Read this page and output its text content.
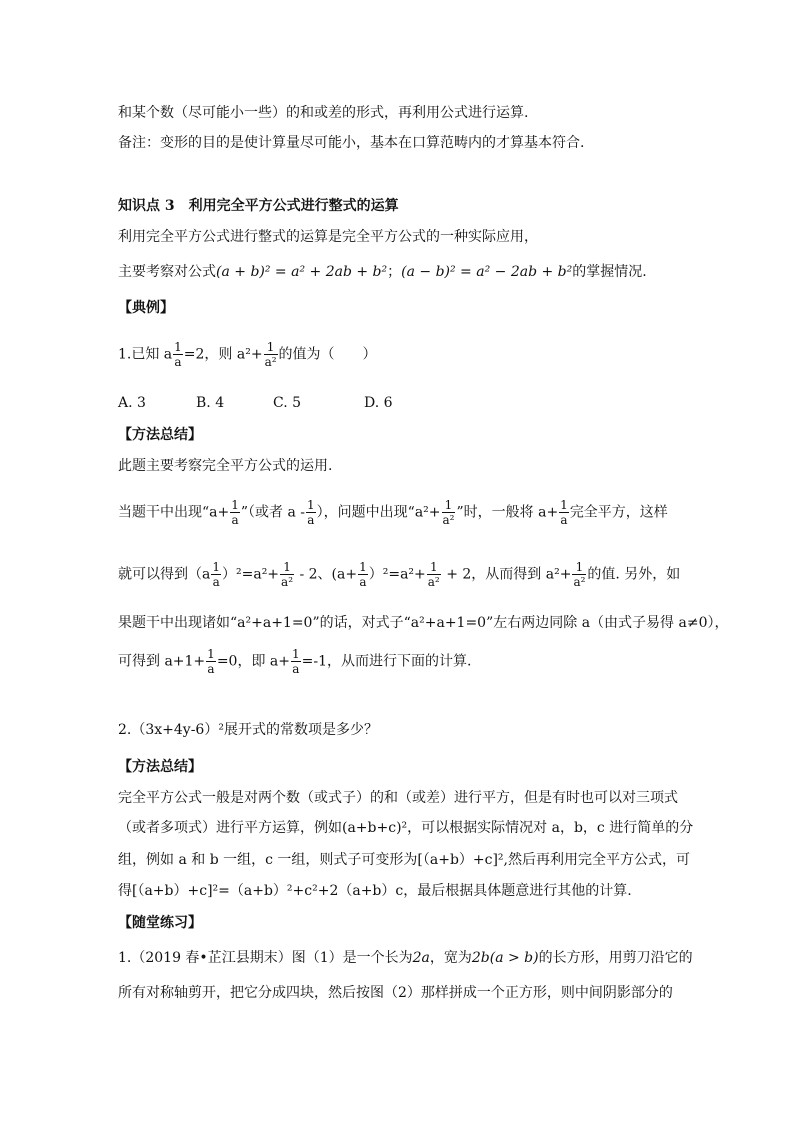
和某个数（尽可能小一些）的和或差的形式，再利用公式进行运算.
备注：变形的目的是使计算量尽可能小，基本在口算范畴内的才算基本符合.
知识点 3　利用完全平方公式进行整式的运算
利用完全平方公式进行整式的运算是完全平方公式的一种实际应用，
主要考察对公式(a + b)² = a² + 2ab + b²；(a − b)² = a² − 2ab + b²的掌握情况.
【典例】
1.已知 a $\frac{1}{a} =2$，则 $a^2+ \frac{1}{\text{a²}}$ 的值为（　　）
A. 3	B. 4	C. 5	D. 6
【方法总结】
此题主要考察完全平方公式的运用.
当题干中出现“$a+ \frac{1}{a}$ ”（或者 a - $\frac{1}{a}$ ），问题中出现“$a^2+ \frac{1}{\text{a²}}$ ”时，一般将 $a+ \frac{1}{a}$ 完全平方，这样
就可以得到$(a \frac{1}{a} )^2=a^2+ \frac{1}{\text{a²}} - 2$、$(a+ \frac{1}{a} )^2=a^2+ \frac{1}{\text{a²}} + 2$，从而得到 $a^2+ \frac{1}{\text{a²}}$ 的值. 另外，如
果题干中出现诸如“a²+a+1=0”的话，对式子“a²+a+1=0”左右两边同除 a（由式子易得 a≠0），
可得到 $a+1+ \frac{1}{a} =0$，即 $a+ \frac{1}{a} =-1$，从而进行下面的计算.
2.（3x+4y-6）²展开式的常数项是多少？
【方法总结】
完全平方公式一般是对两个数（或式子）的和（或差）进行平方，但是有时也可以对三项式
（或者多项式）进行平方运算，例如(a+b+c)²，可以根据实际情况对 a，b，c 进行简单的分
组，例如 a 和 b 一组，c 一组，则式子可变形为[（a+b）+c]²,然后再利用完全平方公式，可
得[（a+b）+c]²=（a+b）²+c²+2（a+b）c，最后根据具体题意进行其他的计算.
【随堂练习】
1.（2019 春•芷江县期末）图（1）是一个长为2a，宽为2b(a > b)的长方形，用剪刀沿它的
所有对称轴剪开，把它分成四块，然后按图（2）那样拼成一个正方形，则中间阴影部分的
